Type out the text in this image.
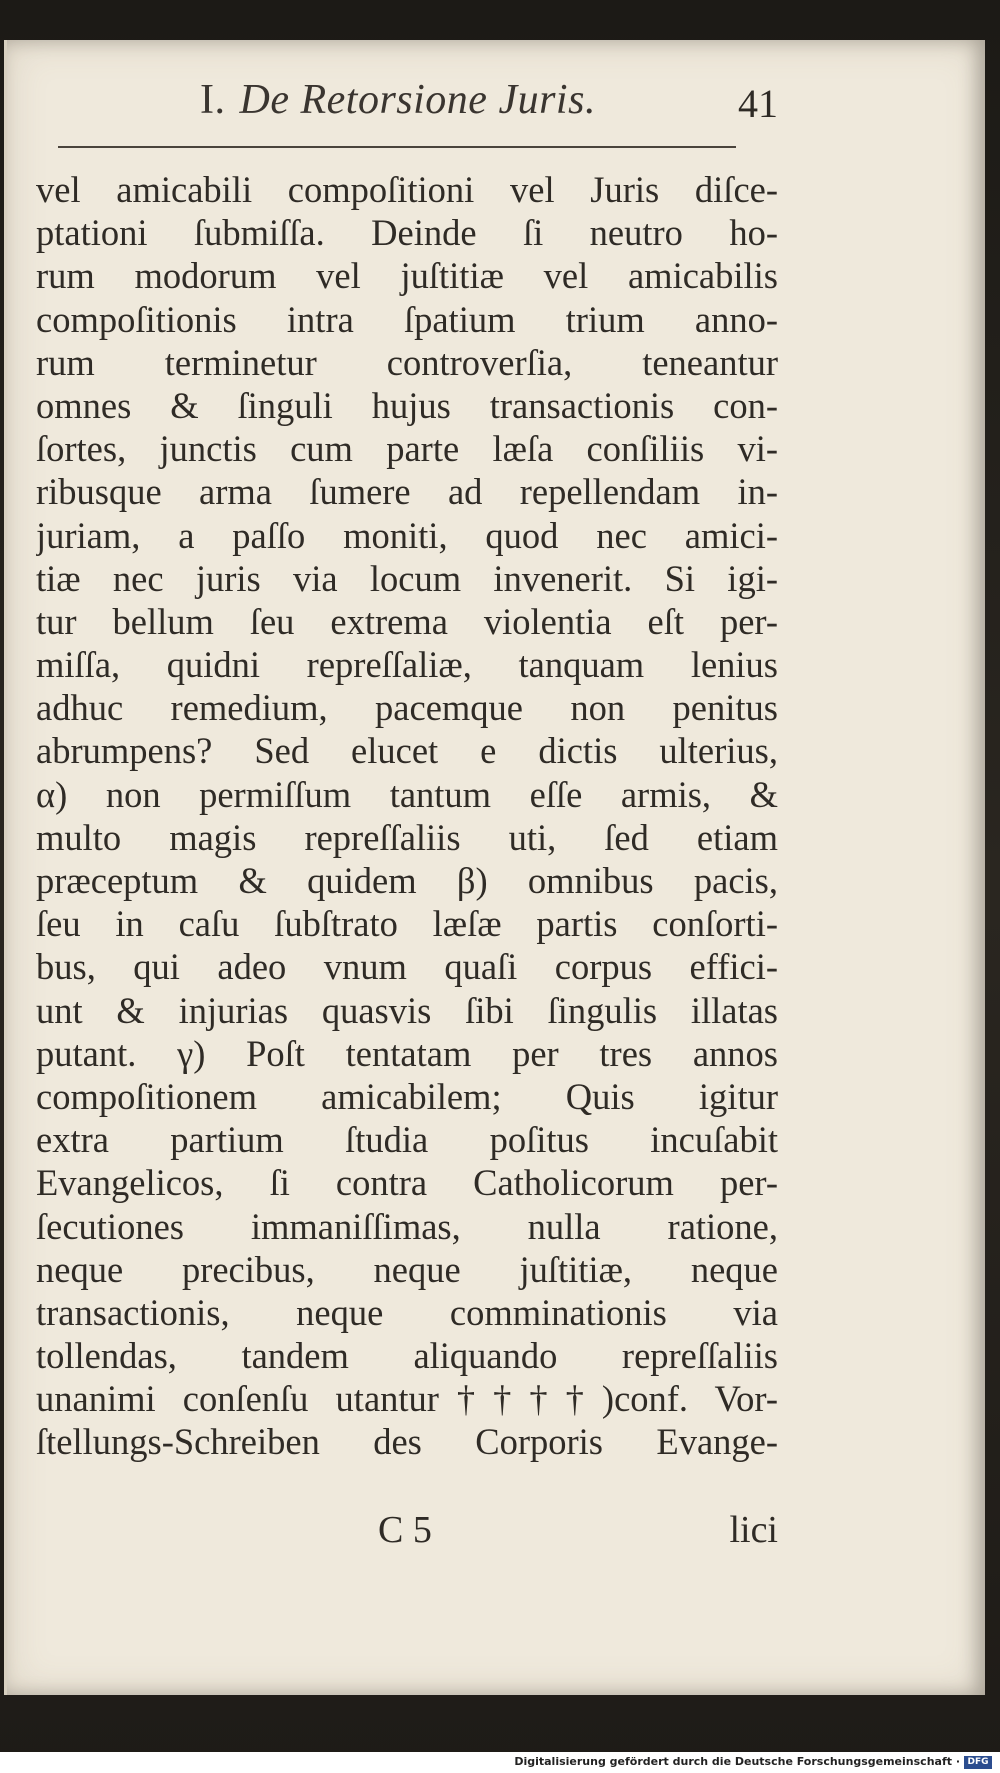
I. De Retorsione Juris.	41
vel amicabili compoſitioni vel Juris diſce-
ptationi ſubmiſſa. Deinde ſi neutro ho-
rum modorum vel juſtitiæ vel amicabilis
compoſitionis intra ſpatium trium anno-
rum terminetur controverſia, teneantur
omnes & ſinguli hujus transactionis con-
ſortes, junctis cum parte læſa conſiliis vi-
ribusque arma ſumere ad repellendam in-
juriam, a paſſo moniti, quod nec amici-
tiæ nec juris via locum invenerit. Si igi-
tur bellum ſeu extrema violentia eſt per-
miſſa, quidni repreſſaliæ, tanquam lenius
adhuc remedium, pacemque non penitus
abrumpens? Sed elucet e dictis ulterius,
α) non permiſſum tantum eſſe armis, &
multo magis repreſſaliis uti, ſed etiam
præceptum & quidem β) omnibus pacis,
ſeu in caſu ſubſtrato læſæ partis conſorti-
bus, qui adeo vnum quaſi corpus effici-
unt & injurias quasvis ſibi ſingulis illatas
putant. γ) Poſt tentatam per tres annos
compoſitionem amicabilem; Quis igitur
extra partium ſtudia poſitus incuſabit
Evangelicos, ſi contra Catholicorum per-
ſecutiones immaniſſimas, nulla ratione,
neque precibus, neque juſtitiæ, neque
transactionis, neque comminationis via
tollendas, tandem aliquando repreſſaliis
unanimi conſenſu utantur††††)conf. Vor-
ſtellungs-Schreiben des Corporis Evange-
C 5	lici
Digitalisierung gefördert durch die Deutsche Forschungsgemeinschaft · DFG
